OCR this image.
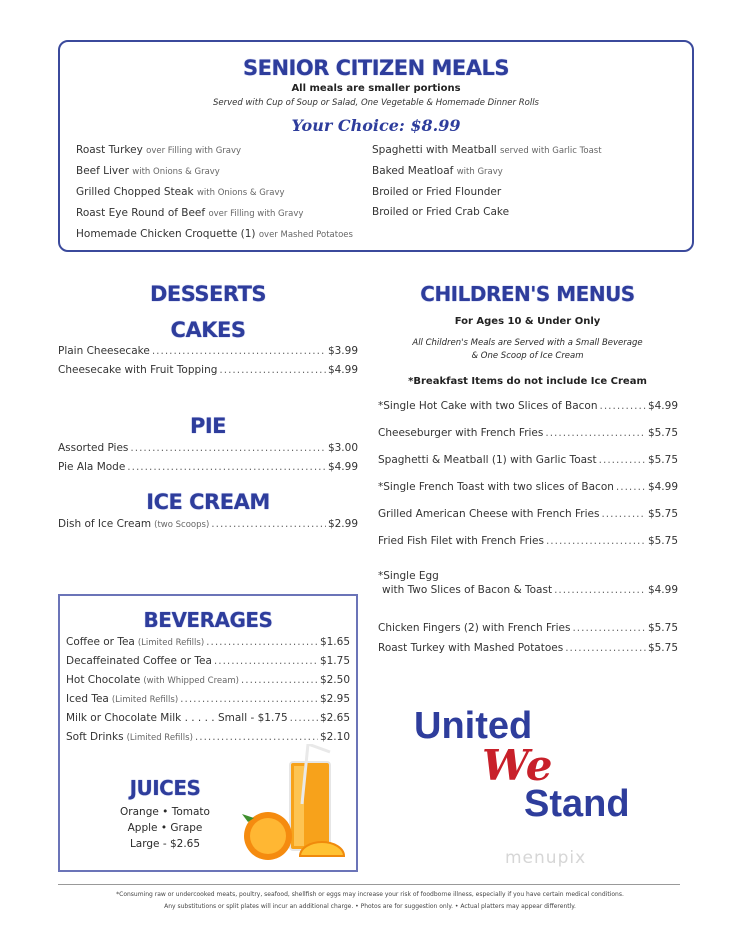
SENIOR CITIZEN MEALS
All meals are smaller portions
Served with Cup of Soup or Salad, One Vegetable & Homemade Dinner Rolls
Your Choice: $8.99
Roast Turkey over Filling with Gravy
Beef Liver with Onions & Gravy
Grilled Chopped Steak with Onions & Gravy
Roast Eye Round of Beef over Filling with Gravy
Homemade Chicken Croquette (1) over Mashed Potatoes
Spaghetti with Meatball served with Garlic Toast
Baked Meatloaf with Gravy
Broiled or Fried Flounder
Broiled or Fried Crab Cake
DESSERTS
CAKES
Plain Cheesecake .....	$3.99
Cheesecake with Fruit Topping .....	$4.99
PIE
Assorted Pies .....	$3.00
Pie Ala Mode .....	$4.99
ICE CREAM
Dish of Ice Cream (two Scoops) .....	$2.99
CHILDREN'S MENUS
For Ages 10 & Under Only
All Children's Meals are Served with a Small Beverage
& One Scoop of Ice Cream
*Breakfast Items do not include Ice Cream
*Single Hot Cake with two Slices of Bacon .....	$4.99
Cheeseburger with French Fries .....	$5.75
Spaghetti & Meatball (1) with Garlic Toast .....	$5.75
*Single French Toast with two slices of Bacon .....	$4.99
Grilled American Cheese with French Fries .....	$5.75
Fried Fish Filet with French Fries .....	$5.75
*Single Egg
with Two Slices of Bacon & Toast .....	$4.99
Chicken Fingers (2) with French Fries .....	$5.75
Roast Turkey with Mashed Potatoes .....	$5.75
BEVERAGES
Coffee or Tea (Limited Refills) .....	$1.65
Decaffeinated Coffee or Tea .....	$1.75
Hot Chocolate (with Whipped Cream) .....	$2.50
Iced Tea (Limited Refills) .....	$2.95
Milk or Chocolate Milk . . . . . Small - $1.75 .....	$2.65
Soft Drinks (Limited Refills) .....	$2.10
JUICES
Orange • Tomato
Apple • Grape
Large - $2.65
United
We
Stand
menupix
*Consuming raw or undercooked meats, poultry, seafood, shellfish or eggs may increase your risk of foodborne illness, especially if you have certain medical conditions.
Any substitutions or split plates will incur an additional charge. • Photos are for suggestion only. • Actual platters may appear differently.
